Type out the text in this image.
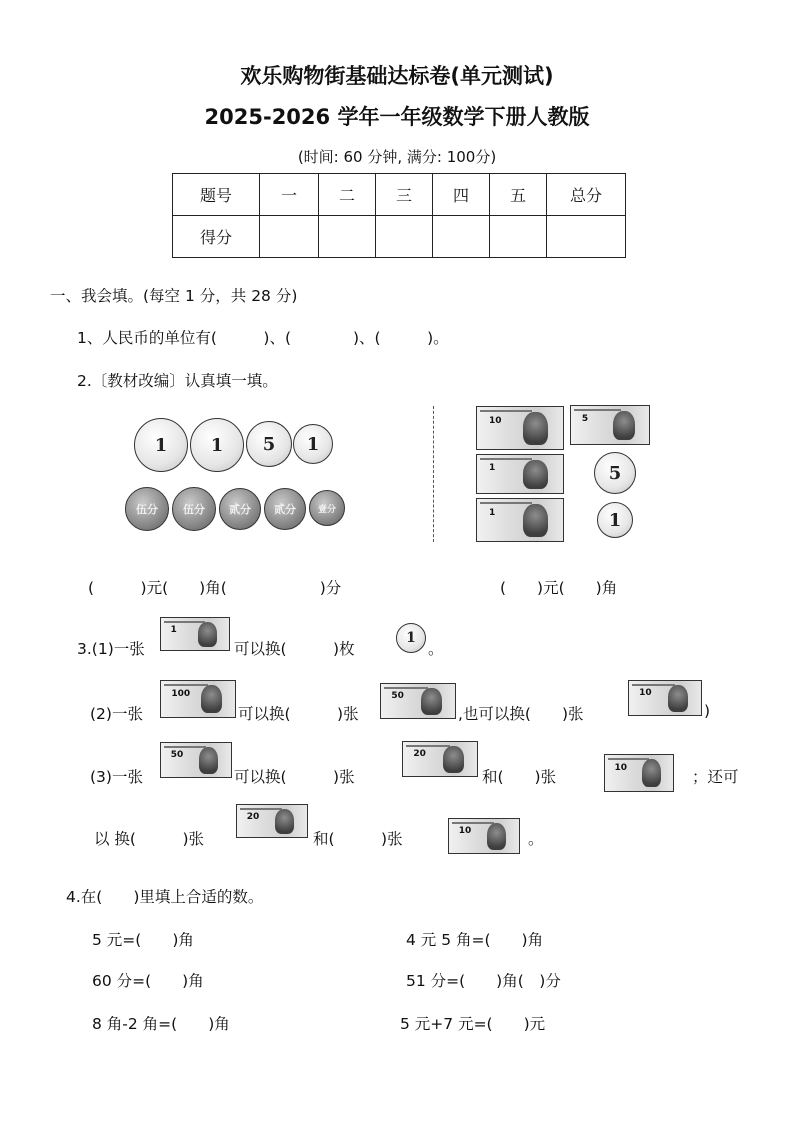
欢乐购物街基础达标卷(单元测试)
2025-2026 学年一年级数学下册人教版
(时间: 60 分钟, 满分: 100分)
题号	一	二	三	四	五	总分
得分						
一、我会填。(每空 1 分，共 28 分)
1、人民币的单位有(　　　)、(　　　　)、(　　　)。
2.〔教材改编〕认真填一填。
1 1 5 1
伍分 伍分 贰分 贰分 壹分
10	5
1
1
5
1
(　　　)元(　　)角(　　　　　　)分	(　　)元(　　)角
3.(1)一张
1
可以换(　　　)枚
1
。
(2)一张
100
可以换(　　　)张
50
,也可以换(　　)张
10
)
(3)一张
50
可以换(　　　)张
20
和(　　)张
10
；还可
以 换(　　　)张
20
和(　　　)张	10	。
4.在(　　)里填上合适的数。
5 元=(　　)角	4 元 5 角=(　　)角
60 分=(　　)角	51 分=(　　)角(　)分
8 角-2 角=(　　)角	5 元+7 元=(　　)元
